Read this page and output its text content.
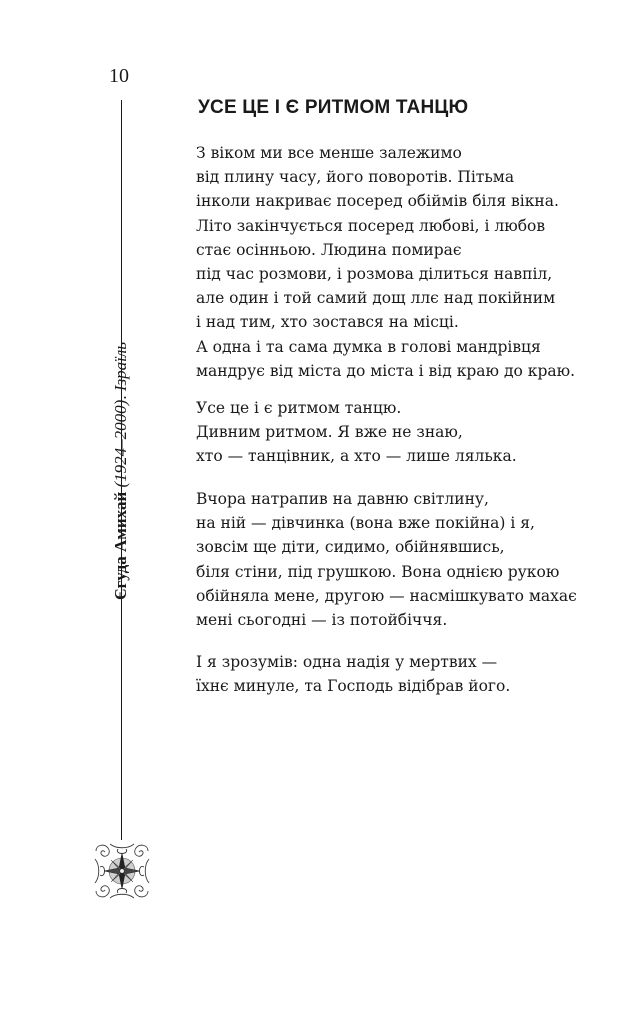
10
Єгуда Амихай (1924–2000). Ізраїль
УСЕ ЦЕ І Є РИТМОМ ТАНЦЮ
З віком ми все менше залежимо
від плину часу, його поворотів. Пітьма
інколи накриває посеред обіймів біля вікна.
Літо закінчується посеред любові, і любов
стає осінньою. Людина помирає
під час розмови, і розмова ділиться навпіл,
але один і той самий дощ ллє над покійним
і над тим, хто зостався на місці.
А одна і та сама думка в голові мандрівця
мандрує від міста до міста і від краю до краю.
Усе це і є ритмом танцю.
Дивним ритмом. Я вже не знаю,
хто — танцівник, а хто — лише лялька.
Вчора натрапив на давню світлину,
на ній — дівчинка (вона вже покійна) і я,
зовсім ще діти, сидимо, обійнявшись,
біля стіни, під грушкою. Вона однією рукою
обійняла мене, другою — насмішкувато махає
мені сьогодні — із потойбіччя.
І я зрозумів: одна надія у мертвих —
їхнє минуле, та Господь відібрав його.
